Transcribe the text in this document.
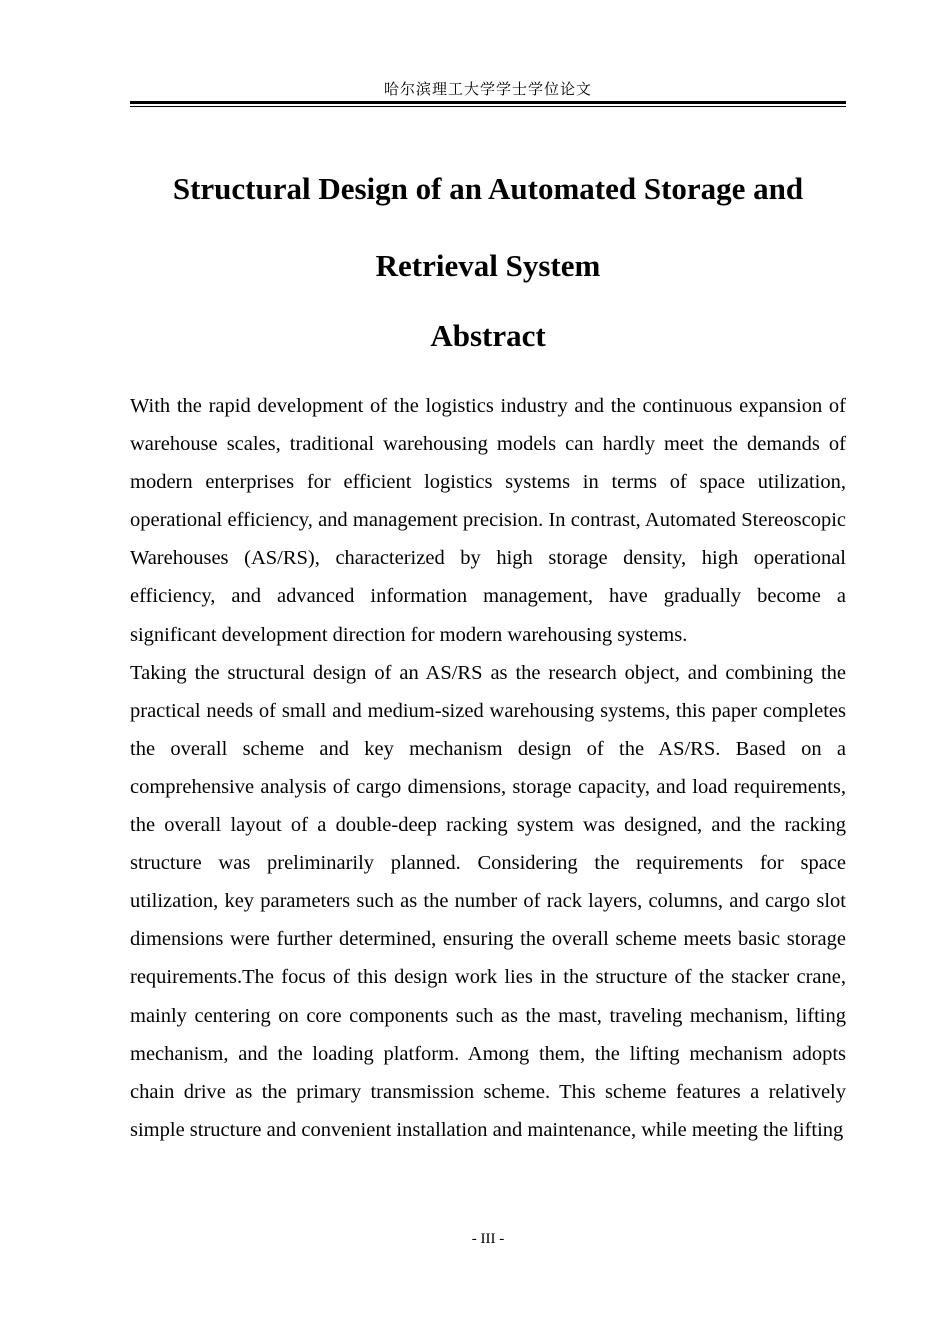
哈尔滨理工大学学士学位论文
Structural Design of an Automated Storage and
Retrieval System
Abstract

With the rapid development of the logistics industry and the continuous expansion of warehouse scales, traditional warehousing models can hardly meet the demands of modern enterprises for efficient logistics systems in terms of space utilization, operational efficiency, and management precision. In contrast, Automated Stereoscopic Warehouses (AS/RS), characterized by high storage density, high operational efficiency, and advanced information management, have gradually become a significant development direction for modern warehousing systems.

Taking the structural design of an AS/RS as the research object, and combining the practical needs of small and medium-sized warehousing systems, this paper completes the overall scheme and key mechanism design of the AS/RS. Based on a comprehensive analysis of cargo dimensions, storage capacity, and load requirements, the overall layout of a double-deep racking system was designed, and the racking structure was preliminarily planned. Considering the requirements for space utilization, key parameters such as the number of rack layers, columns, and cargo slot dimensions were further determined, ensuring the overall scheme meets basic storage requirements.The focus of this design work lies in the structure of the stacker crane, mainly centering on core components such as the mast, traveling mechanism, lifting mechanism, and the loading platform. Among them, the lifting mechanism adopts chain drive as the primary transmission scheme. This scheme features a relatively simple structure and convenient installation and maintenance, while meeting the lifting

- III -
